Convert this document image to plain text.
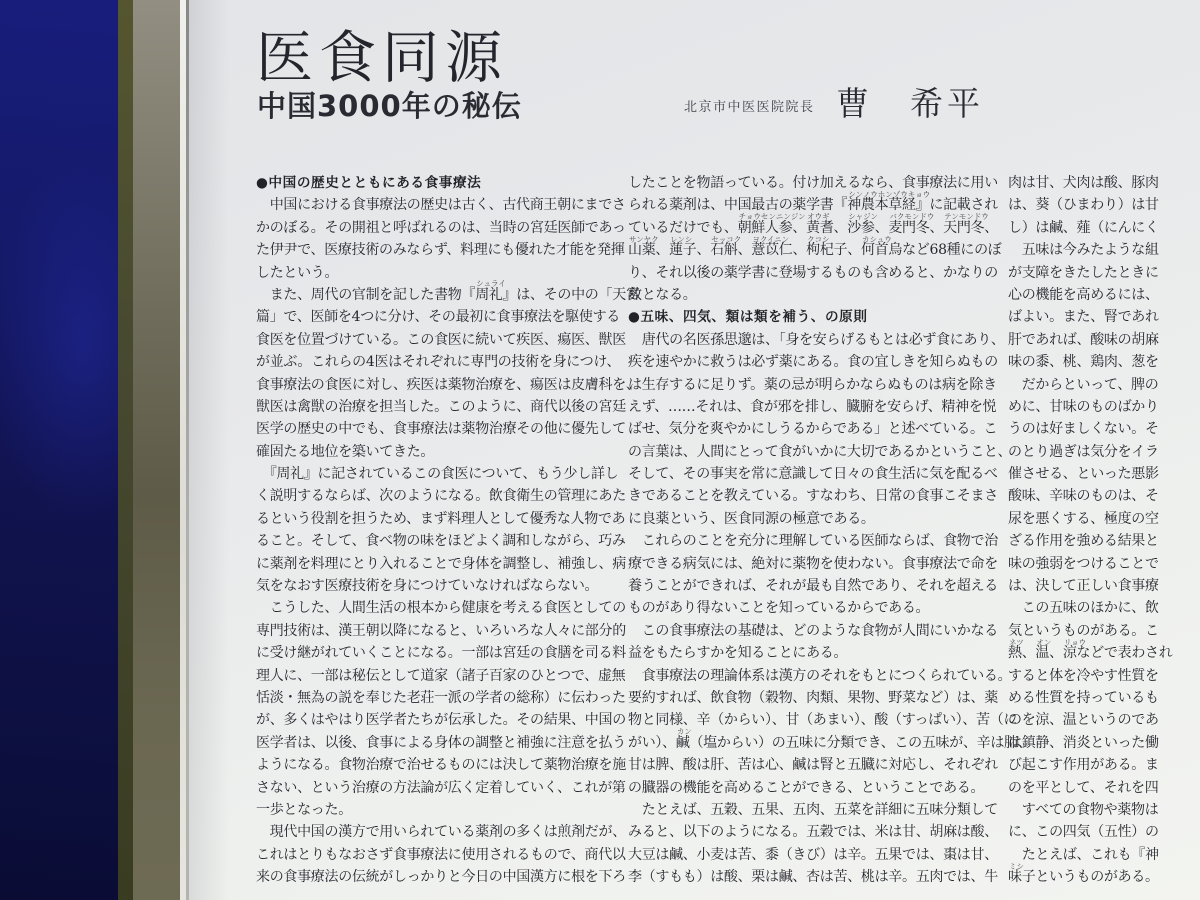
医食同源
中国3000年の秘伝	北京市中医医院院長 曹　希平
●中国の歴史とともにある食事療法
　中国における食事療法の歴史は古く、古代商王朝にまでさ
かのぼる。その開祖と呼ばれるのは、当時の宮廷医師であっ
た伊尹で、医療技術のみならず、料理にも優れた才能を発揮
したという。
　また、周代の官制を記した書物『周礼
シュライ
』は、その中の「天宮
篇」で、医師を4つに分け、その最初に食事療法を駆使する
食医を位置づけている。この食医に続いて疾医、瘍医、獣医
が並ぶ。これらの4医はそれぞれに専門の技術を身につけ、
食事療法の食医に対し、疾医は薬物治療を、瘍医は皮膚科を、
獣医は禽獣の治療を担当した。このように、商代以後の宮廷
医学の歴史の中でも、食事療法は薬物治療その他に優先して
確固たる地位を築いてきた。
　『周礼』に記されているこの食医について、もう少し詳し
く説明するならば、次のようになる。飲食衛生の管理にあた
るという役割を担うため、まず料理人として優秀な人物であ
ること。そして、食べ物の味をほどよく調和しながら、巧み
に薬剤を料理にとり入れることで身体を調整し、補強し、病
気をなおす医療技術を身につけていなければならない。
　こうした、人間生活の根本から健康を考える食医としての
専門技術は、漢王朝以降になると、いろいろな人々に部分的
に受け継がれていくことになる。一部は宮廷の食膳を司る料
理人に、一部は秘伝として道家（諸子百家のひとつで、虚無
恬淡・無為の説を奉じた老荘一派の学者の総称）に伝わった
が、多くはやはり医学者たちが伝承した。その結果、中国の
医学者は、以後、食事による身体の調整と補強に注意を払う
ようになる。食物治療で治せるものには決して薬物治療を施
さない、という治療の方法論が広く定着していく、これが第
一歩となった。
　現代中国の漢方で用いられている薬剤の多くは煎剤だが、
これはとりもなおさず食事療法に使用されるもので、商代以
来の食事療法の伝統がしっかりと今日の中国漢方に根を下ろ
したことを物語っている。付け加えるなら、食事療法に用い
られる薬剤は、中国最古の薬学書『神農本草経
シンノウホンゾウキョウ
』に記載され
ているだけでも、朝鮮人参
チョウセンニンジン
、黄耆
オウギ
、沙参
シャジン
、麦門冬
バクモンドウ
、天門冬
テンモンドウ
、
山薬
サンヤク
、蓮子
レンシ
、石斛
セッコク
、薏苡仁
ヨクイニン
、枸杞子
クコシ
、何首烏
カシュウ
など68種にのぼ
り、それ以後の薬学書に登場するものも含めると、かなりの
数となる。
●五味、四気、類は類を補う、の原則
　唐代の名医孫思邈は、「身を安らげるもとは必ず食にあり、
疾を速やかに救うは必ず薬にある。食の宜しきを知らぬもの
は生存するに足りず。薬の忌が明らかならぬものは病を除き
えず、……それは、食が邪を排し、臓腑を安らげ、精神を悦
ばせ、気分を爽やかにしうるからである」と述べている。こ
の言葉は、人間にとって食がいかに大切であるかということ、
そして、その事実を常に意識して日々の食生活に気を配るべ
きであることを教えている。すなわち、日常の食事こそまさ
に良薬という、医食同源の極意である。
　これらのことを充分に理解している医師ならば、食物で治
療できる病気には、絶対に薬物を使わない。食事療法で命を
養うことができれば、それが最も自然であり、それを超える
ものがあり得ないことを知っているからである。
　この食事療法の基礎は、どのような食物が人間にいかなる
益をもたらすかを知ることにある。
　食事療法の理論体系は漢方のそれをもとにつくられている。
要約すれば、飲食物（穀物、肉類、果物、野菜など）は、薬
物と同様、辛（からい）、甘（あまい）、酸（すっぱい）、苦（に
がい）、鹹
カン
（塩からい）の五味に分類でき、この五味が、辛は肺、
甘は脾、酸は肝、苦は心、鹹は腎と五臓に対応し、それぞれ
の臓器の機能を高めることができる、ということである。
　たとえば、五穀、五果、五肉、五菜を詳細に五味分類して
みると、以下のようになる。五穀では、米は甘、胡麻は酸、
大豆は鹹、小麦は苦、黍（きび）は辛。五果では、棗は甘、
李（すもも）は酸、栗は鹹、杏は苦、桃は辛。五肉では、牛
肉は甘、犬肉は酸、豚肉
は、葵（ひまわり）は甘
し）は鹹、薤（にんにく
　五味は今みたような組
が支障をきたしたときに
心の機能を高めるには、
ばよい。また、腎であれ
肝であれば、酸味の胡麻
味の黍、桃、鶏肉、葱を
　だからといって、脾の
めに、甘味のものばかり
うのは好ましくない。そ
のとり過ぎは気分をイラ
催させる、といった悪影
酸味、辛味のものは、そ
尿を悪くする、極度の空
ざる作用を強める結果と
味の強弱をつけることで
は、決して正しい食事療
　この五味のほかに、飲
気というものがある。こ
熱
ネツ
、温
オン
、涼
リョウ
などで表わされ
すると体を冷やす性質を
める性質を持っているも
のを涼、温というのであ
は鎮静、消炎といった働
び起こす作用がある。ま
のを平として、それを四
　すべての食物や薬物は
に、この四気（五性）の
　たとえば、これも『神
味子
ミシ
というものがある。
